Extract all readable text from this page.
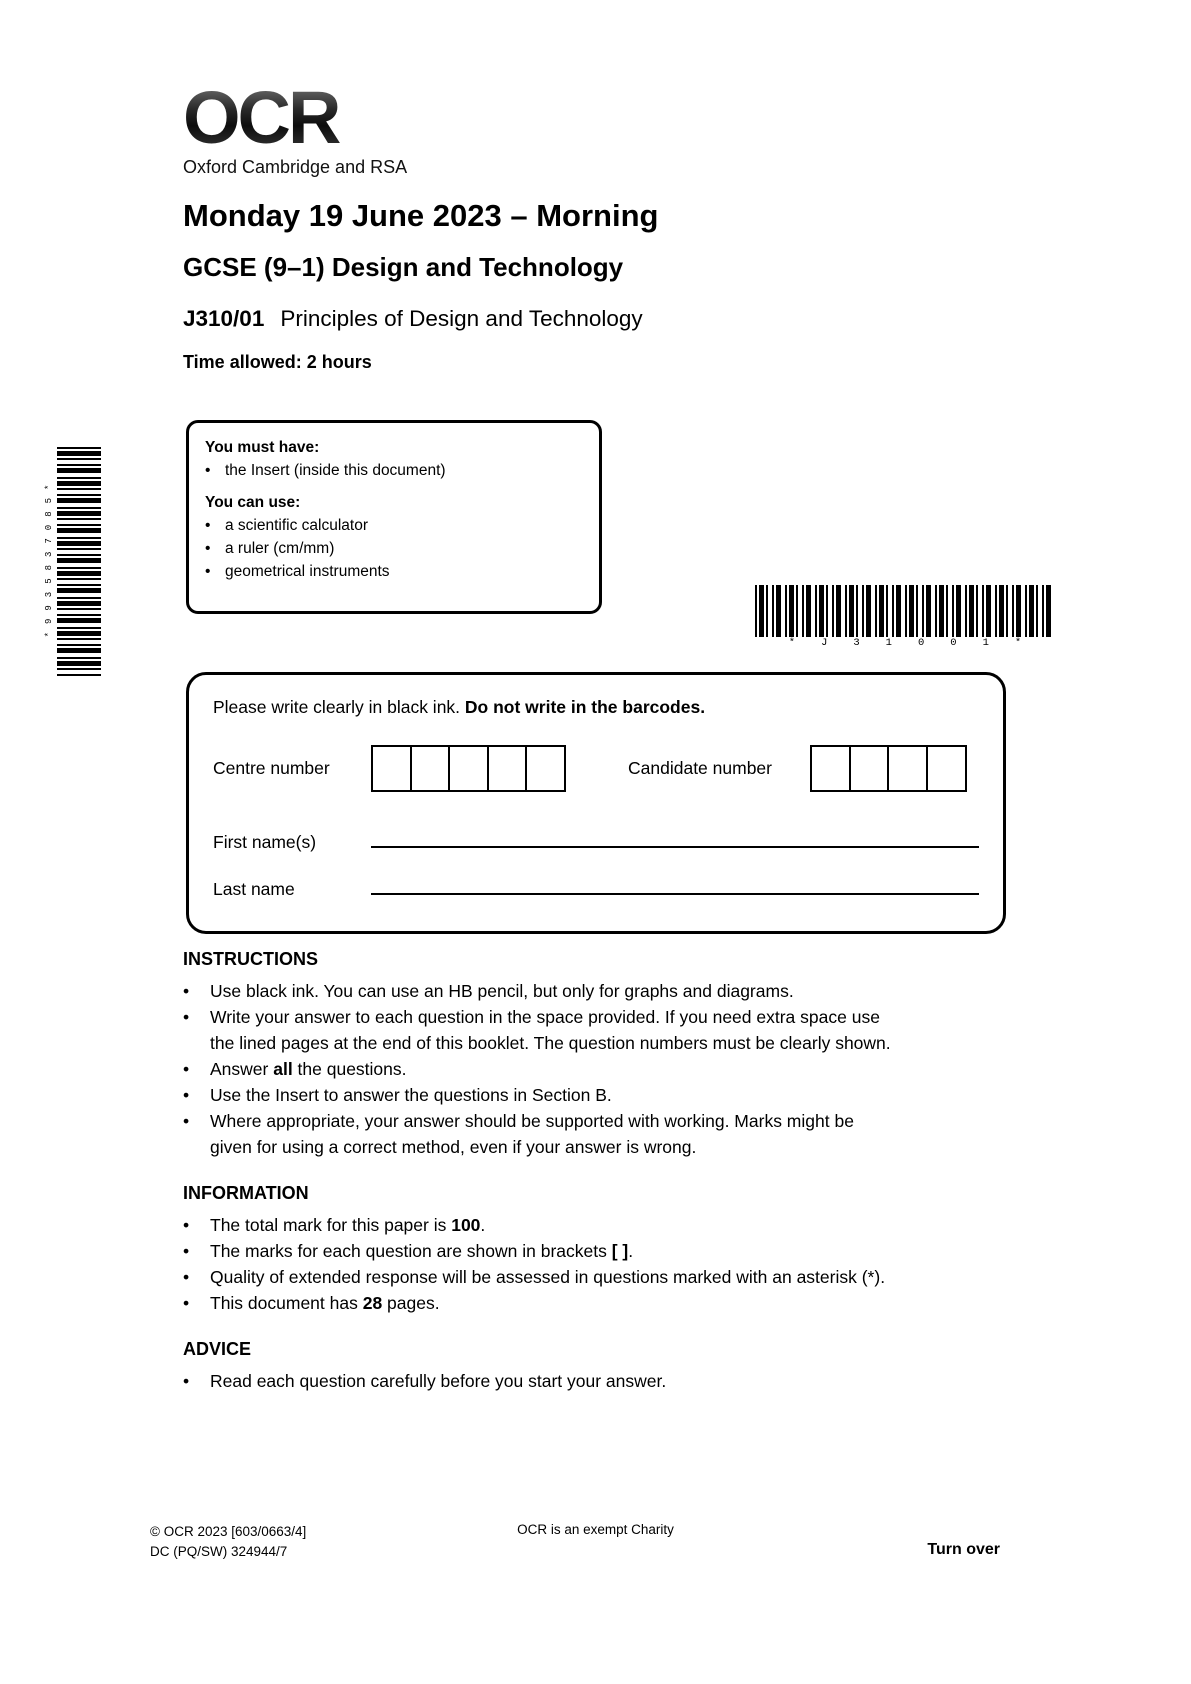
OCR
Oxford Cambridge and RSA
Monday 19 June 2023 – Morning
GCSE (9–1) Design and Technology
J310/01 Principles of Design and Technology
Time allowed: 2 hours
*9935837085*
You must have:
•
the Insert (inside this document)
You can use:
•
a scientific calculator
•
a ruler (cm/mm)
•
geometrical instruments
*J31001*
Please write clearly in black ink. Do not write in the barcodes.
Centre number	Candidate number
First name(s)
Last name
INSTRUCTIONS
•
Use black ink. You can use an HB pencil, but only for graphs and diagrams.
•
Write your answer to each question in the space provided. If you need extra space use
the lined pages at the end of this booklet. The question numbers must be clearly shown.
•
Answer all the questions.
•
Use the Insert to answer the questions in Section B.
•
Where appropriate, your answer should be supported with working. Marks might be
given for using a correct method, even if your answer is wrong.
INFORMATION
•
The total mark for this paper is 100.
•
The marks for each question are shown in brackets [ ].
•
Quality of extended response will be assessed in questions marked with an asterisk (*).
•
This document has 28 pages.
ADVICE
•
Read each question carefully before you start your answer.
© OCR 2023 [603/0663/4]
DC (PQ/SW) 324944/7
OCR is an exempt Charity
Turn over
